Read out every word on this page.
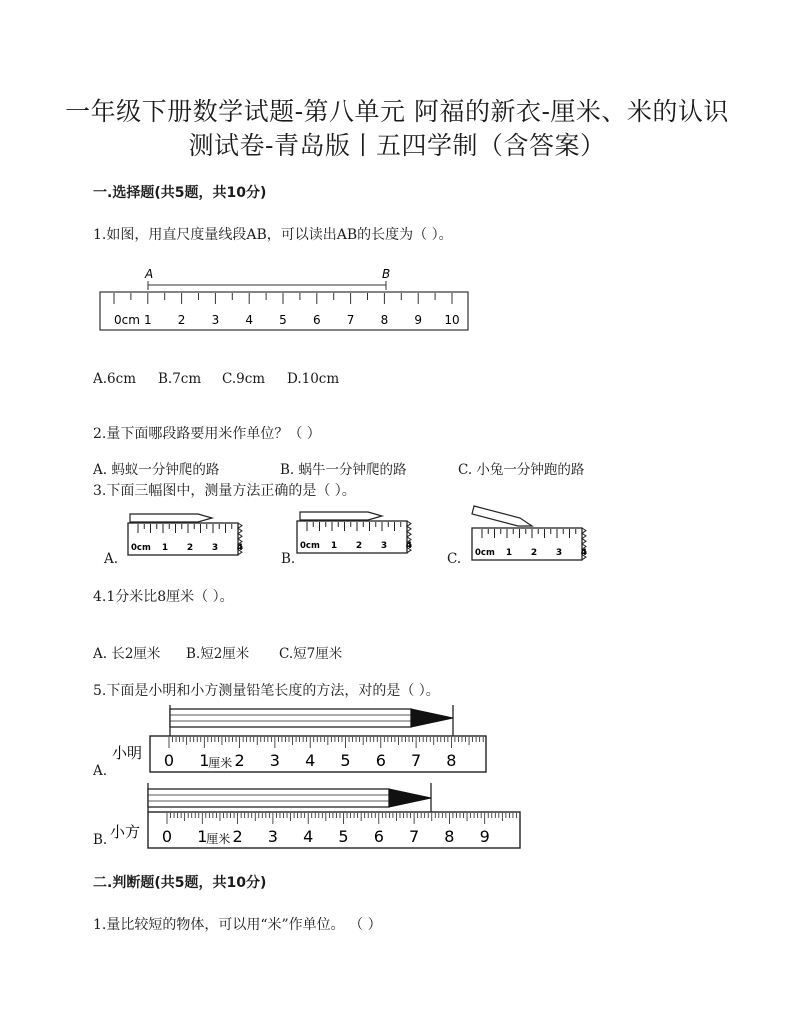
一年级下册数学试题-第八单元 阿福的新衣-厘米、米的认识
测试卷-青岛版丨五四学制（含答案）
一.选择题(共5题，共10分)
1.如图，用直尺度量线段AB，可以读出AB的长度为（ ）。
A	B
0cm 1 2 3 4 5 6 7 8 9 10
A.6cm B.7cm C.9cm D.10cm
2.量下面哪段路要用米作单位？（ ）
A. 蚂蚁一分钟爬的路	B. 蜗牛一分钟爬的路	C. 小兔一分钟跑的路
3.下面三幅图中，测量方法正确的是（ ）。
0cm 1 2 3 4	0cm 1 2 3 4
0cm 1 2 3 4
A.	B.	C.
4.1分米比8厘米（ ）。
A. 长2厘米 B.短2厘米 C.短7厘米
5.下面是小明和小方测量铅笔长度的方法，对的是（ ）。
小明
小方
0 1 2 3 4 5 6 7 8
厘米
0 1 2 3 4 5 6 7 8 9
厘米
A.
B.
二.判断题(共5题，共10分)
1.量比较短的物体，可以用“米”作单位。 （ ）
